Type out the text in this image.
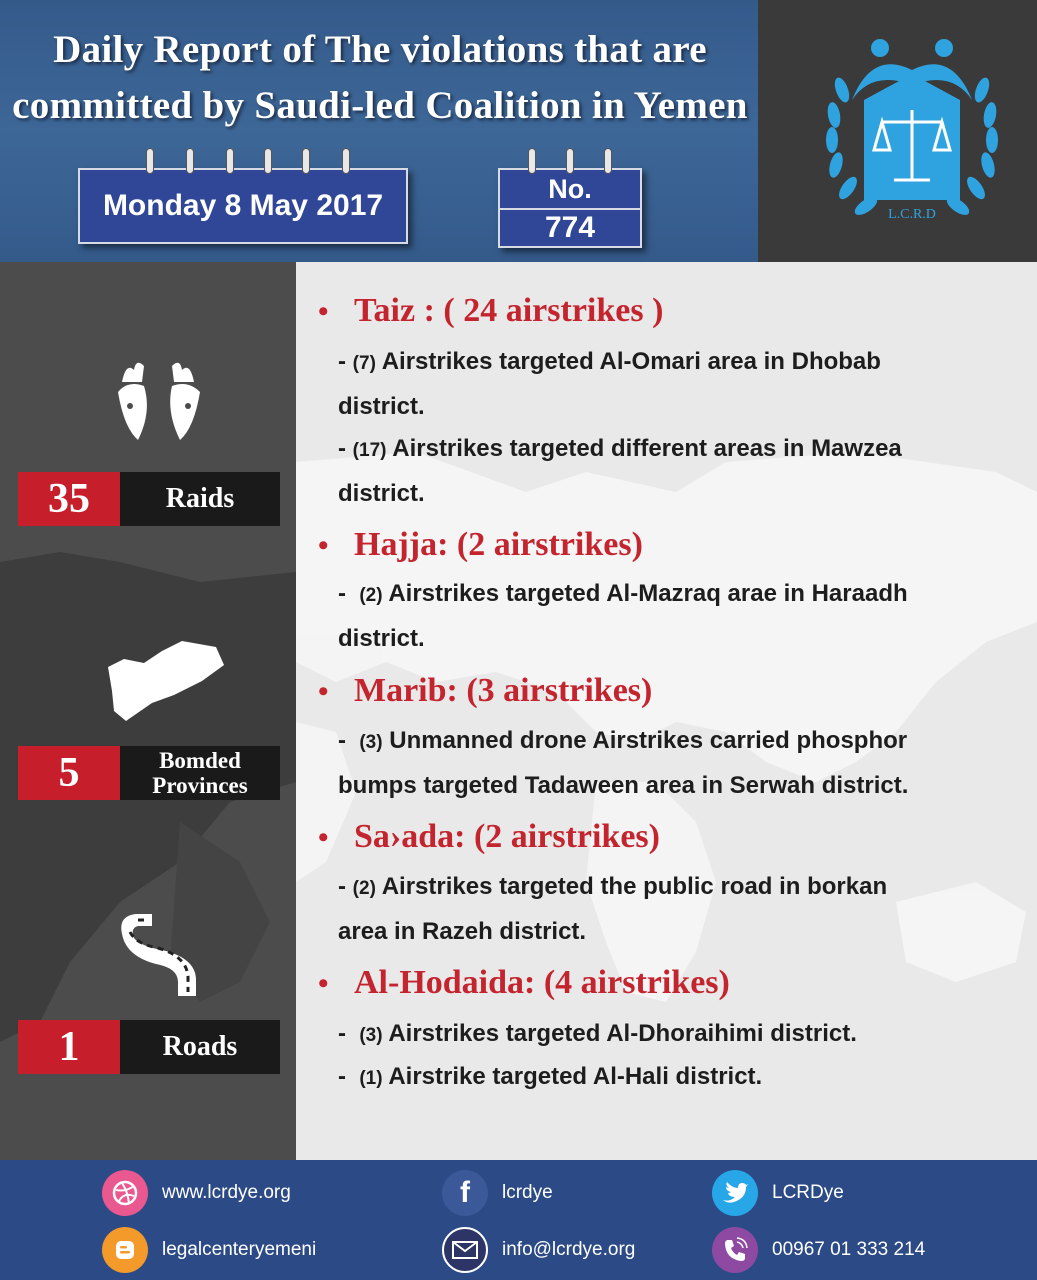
Daily Report of The violations that are
committed by Saudi-led Coalition in Yemen
Monday 8 May 2017
No.
774	L.C.R.D
35	Raids
5	Bomded
Provinces
1	Roads
• Taiz : ( 24 airstrikes )
- (7) Airstrikes targeted Al-Omari area in Dhobab
district.
- (17) Airstrikes targeted different areas in Mawzea
district.
• Hajja: (2 airstrikes)
-  (2) Airstrikes targeted Al-Mazraq arae in Haraadh
district.
• Marib: (3 airstrikes)
-  (3) Unmanned drone Airstrikes carried phosphor
bumps targeted Tadaween area in Serwah district.
• Sa›ada: (2 airstrikes)
- (2) Airstrikes targeted the public road in borkan
area in Razeh district.
• Al-Hodaida: (4 airstrikes)
-  (3) Airstrikes targeted Al-Dhoraihimi district.
-  (1) Airstrike targeted Al-Hali district.
www.lcrdye.org	f lcrdye	LCRDye
legalcenteryemeni	info@lcrdye.org	00967 01 333 214
